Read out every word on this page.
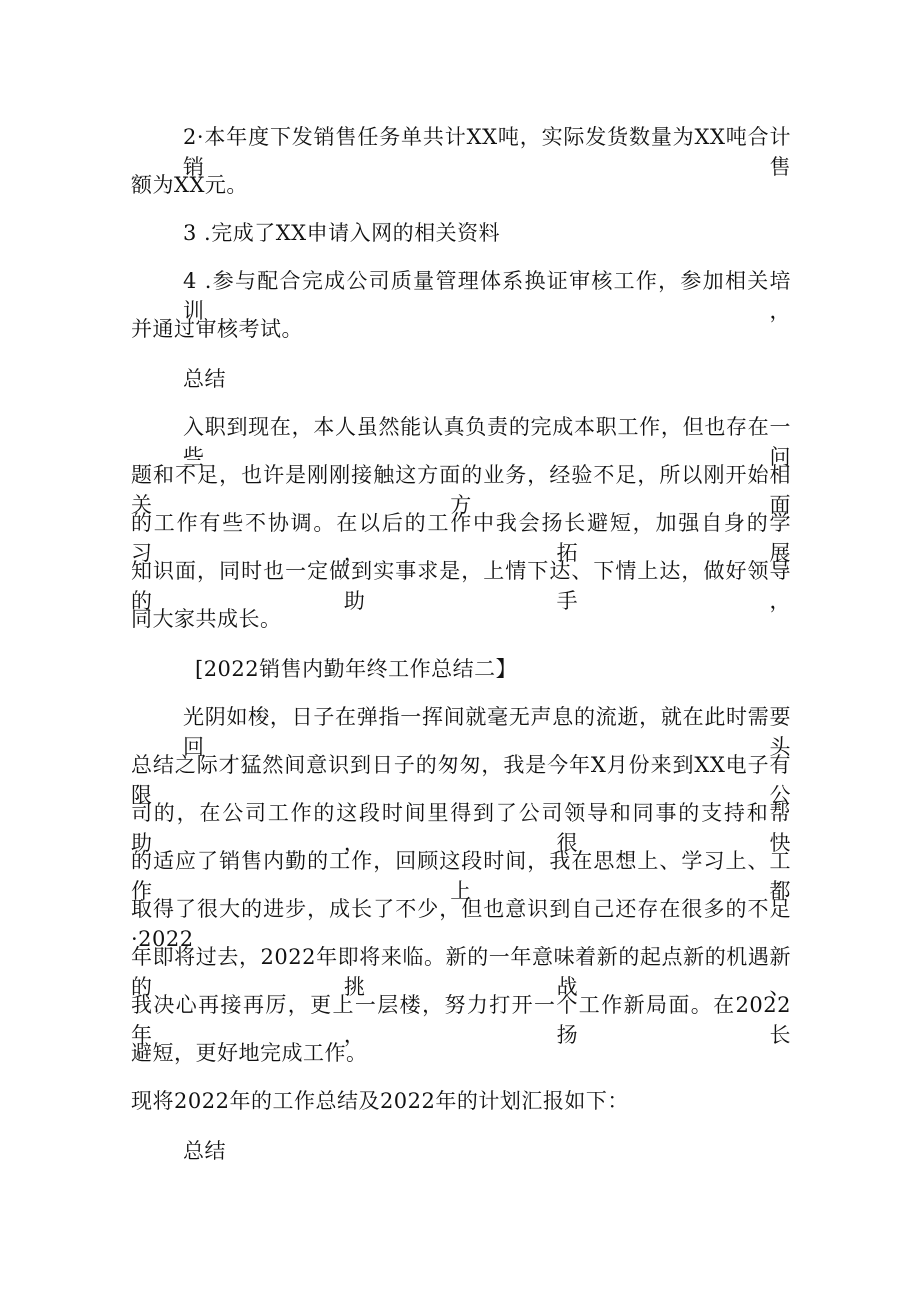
2·本年度下发销售任务单共计XX吨，实际发货数量为XX吨合计销售
额为XX元。
3 .完成了XX申请入网的相关资料
4 .参与配合完成公司质量管理体系换证审核工作，参加相关培训，
并通过审核考试。
总结
入职到现在，本人虽然能认真负责的完成本职工作，但也存在一些问
题和不足，也许是刚刚接触这方面的业务，经验不足，所以刚开始相关方面
的工作有些不协调。在以后的工作中我会扬长避短，加强自身的学习，拓展
知识面，同时也一定做到实事求是，上情下达、下情上达，做好领导的助手，
同大家共成长。
[2022销售内勤年终工作总结二】
光阴如梭，日子在弹指一挥间就毫无声息的流逝，就在此时需要回头
总结之际才猛然间意识到日子的匆匆，我是今年X月份来到XX电子有限公
司的，在公司工作的这段时间里得到了公司领导和同事的支持和帮助，很快
的适应了销售内勤的工作，回顾这段时间，我在思想上、学习上、工作上都
取得了很大的进步，成长了不少，但也意识到自己还存在很多的不足·2022
年即将过去，2022年即将来临。新的一年意味着新的起点新的机遇新的挑战、
我决心再接再厉，更上一层楼，努力打开一个工作新局面。在2022年，扬长
避短，更好地完成工作。
现将2022年的工作总结及2022年的计划汇报如下：
总结
